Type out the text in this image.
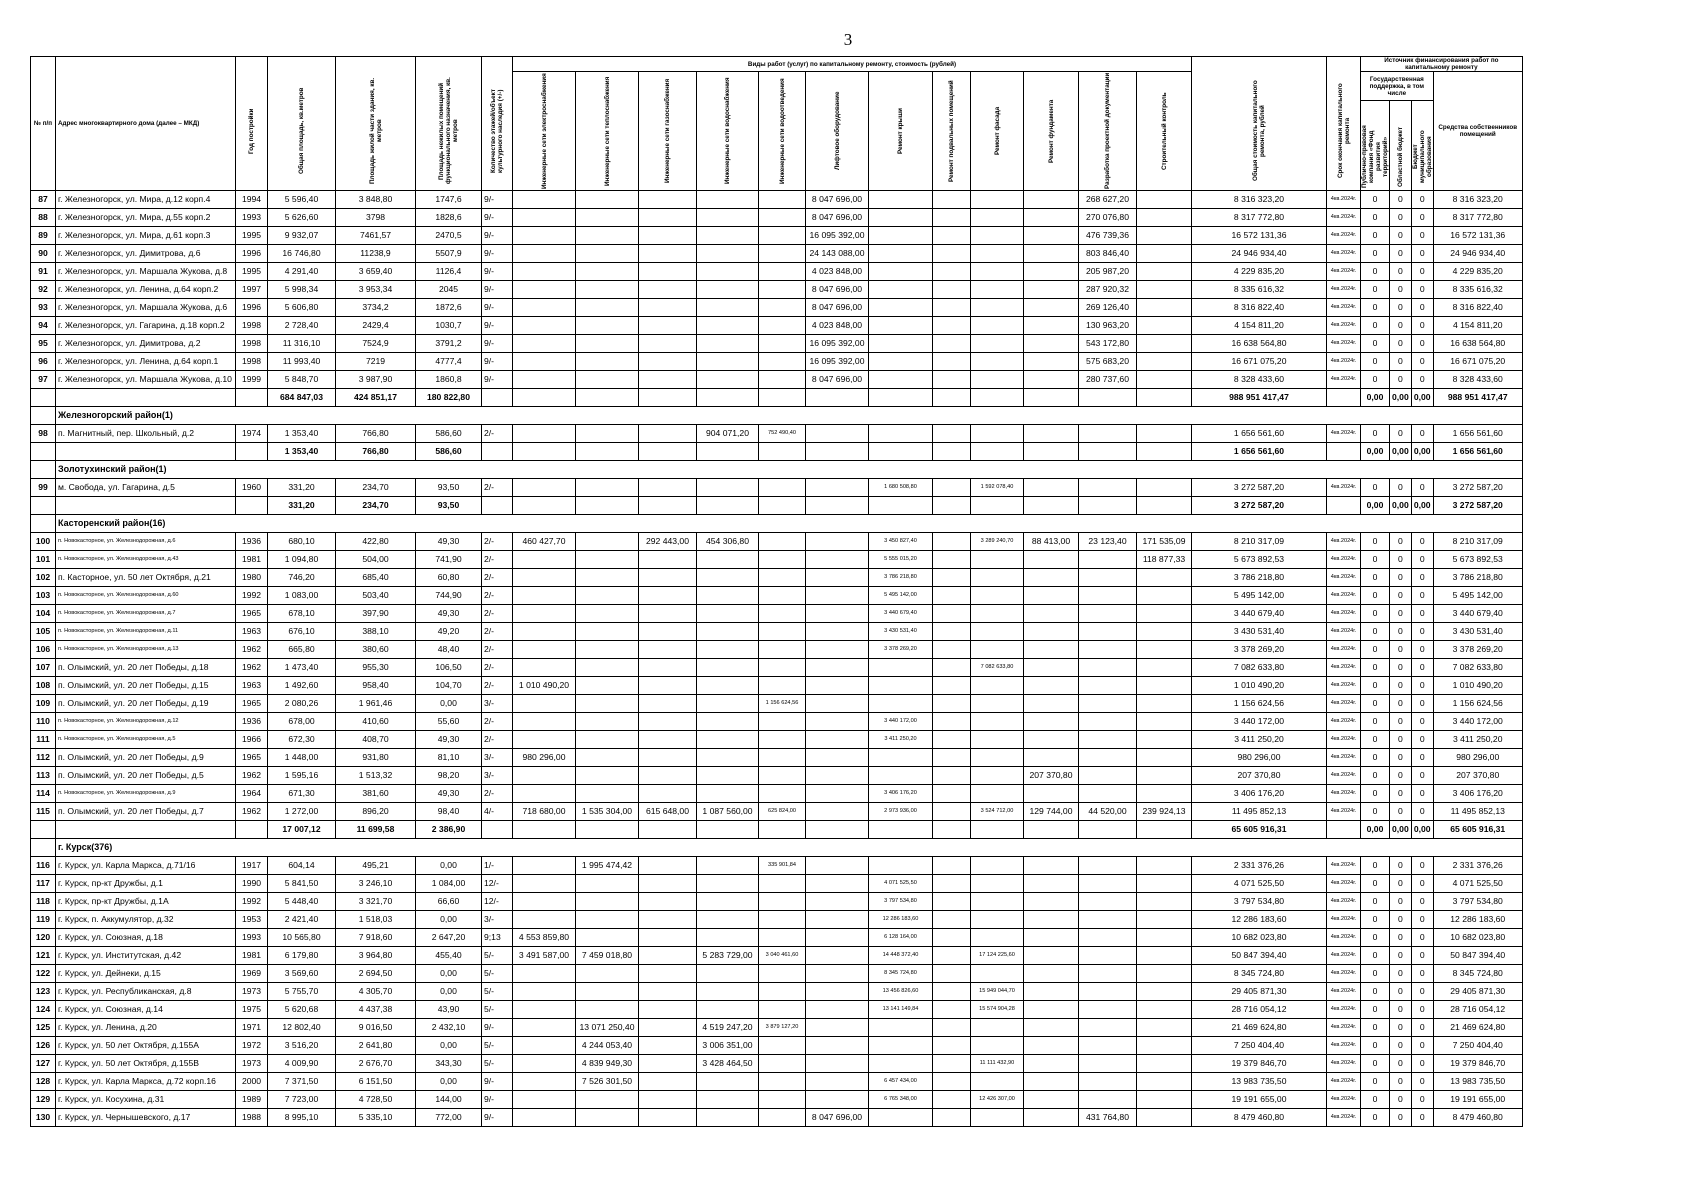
3
№ п/п	Адрес многоквартирного дома (далее – МКД)	Год постройки	Общая площадь, кв.метров	Площадь жилой части здания, кв. метров	Площадь нежилых помещений функционального назначения, кв. метров	Количество этажей/объект культурного наследия (+/-)	Виды работ (услуг) по капитальному ремонту, стоимость (рублей)												Общая стоимость капитального ремонта, рублей	Срок окончания капитального ремонта	Источник финансирования работ по капитальному ремонту			

							Инженерные сети электроснабжения	Инженерные сети теплоснабжения	Инженерные сети газоснабжения	Инженерные сети водоснабжения	Инженерные сети водоотведения	Лифтовое оборудование	Ремонт крыши	Ремонт подвальных помещений	Ремонт фасада	Ремонт фундамента	Разработка проектной документации	Строительный контроль			Государственная поддержка, в том числе			Средства собственников помещений

																					Публично-правовая компания «Фонд развития территорий»	Областной бюджет	Бюджет муниципального образования	

87	г. Железногорск, ул. Мира, д.12 корп.4	1994	5 596,40	3 848,80	1747,6	9/-						8 047 696,00					268 627,20		8 316 323,20	4кв.2024г.	0	0	0	8 316 323,20
88	г. Железногорск, ул. Мира, д.55 корп.2	1993	5 626,60	3798	1828,6	9/-						8 047 696,00					270 076,80		8 317 772,80	4кв.2024г.	0	0	0	8 317 772,80
89	г. Железногорск, ул. Мира, д.61 корп.3	1995	9 932,07	7461,57	2470,5	9/-						16 095 392,00					476 739,36		16 572 131,36	4кв.2024г.	0	0	0	16 572 131,36
90	г. Железногорск, ул. Димитрова, д.6	1996	16 746,80	11238,9	5507,9	9/-						24 143 088,00					803 846,40		24 946 934,40	4кв.2024г.	0	0	0	24 946 934,40
91	г. Железногорск, ул. Маршала Жукова, д.8	1995	4 291,40	3 659,40	1126,4	9/-						4 023 848,00					205 987,20		4 229 835,20	4кв.2024г.	0	0	0	4 229 835,20
92	г. Железногорск, ул. Ленина, д.64 корп.2	1997	5 998,34	3 953,34	2045	9/-						8 047 696,00					287 920,32		8 335 616,32	4кв.2024г.	0	0	0	8 335 616,32
93	г. Железногорск, ул. Маршала Жукова, д.6	1996	5 606,80	3734,2	1872,6	9/-						8 047 696,00					269 126,40		8 316 822,40	4кв.2024г.	0	0	0	8 316 822,40
94	г. Железногорск, ул. Гагарина, д.18 корп.2	1998	2 728,40	2429,4	1030,7	9/-						4 023 848,00					130 963,20		4 154 811,20	4кв.2024г.	0	0	0	4 154 811,20
95	г. Железногорск, ул. Димитрова, д.2	1998	11 316,10	7524,9	3791,2	9/-						16 095 392,00					543 172,80		16 638 564,80	4кв.2024г.	0	0	0	16 638 564,80
96	г. Железногорск, ул. Ленина, д.64 корп.1	1998	11 993,40	7219	4777,4	9/-						16 095 392,00					575 683,20		16 671 075,20	4кв.2024г.	0	0	0	16 671 075,20
97	г. Железногорск, ул. Маршала Жукова, д.10	1999	5 848,70	3 987,90	1860,8	9/-						8 047 696,00					280 737,60		8 328 433,60	4кв.2024г.	0	0	0	8 328 433,60
			684 847,03	424 851,17	180 822,80														988 951 417,47		0,00	0,00	0,00	988 951 417,47
	Железногорский район(1)																							
98	п. Магнитный, пер. Школьный, д.2	1974	1 353,40	766,80	586,60	2/-				904 071,20	752 490,40								1 656 561,60	4кв.2024г.	0	0	0	1 656 561,60
			1 353,40	766,80	586,60														1 656 561,60		0,00	0,00	0,00	1 656 561,60
	Золотухинский район(1)																							
99	м. Свобода, ул. Гагарина, д.5	1960	331,20	234,70	93,50	2/-							1 680 508,80		1 592 078,40				3 272 587,20	4кв.2024г.	0	0	0	3 272 587,20
			331,20	234,70	93,50														3 272 587,20		0,00	0,00	0,00	3 272 587,20
	Касторенский район(16)																							
100	п. Новокасторное, ул. Железнодорожная, д.6	1936	680,10	422,80	49,30	2/-	460 427,70		292 443,00	454 306,80			3 450 827,40		3 289 240,70	88 413,00	23 123,40	171 535,09	8 210 317,09	4кв.2024г.	0	0	0	8 210 317,09
101	п. Новокасторное, ул. Железнодорожная, д.43	1981	1 094,80	504,00	741,90	2/-							5 555 015,20					118 877,33	5 673 892,53	4кв.2024г.	0	0	0	5 673 892,53
102	п. Касторное, ул. 50 лет Октября, д.21	1980	746,20	685,40	60,80	2/-							3 786 218,80						3 786 218,80	4кв.2024г.	0	0	0	3 786 218,80
103	п. Новокасторное, ул. Железнодорожная, д.60	1992	1 083,00	503,40	744,90	2/-							5 495 142,00						5 495 142,00	4кв.2024г.	0	0	0	5 495 142,00
104	п. Новокасторное, ул. Железнодорожная, д.7	1965	678,10	397,90	49,30	2/-							3 440 679,40						3 440 679,40	4кв.2024г.	0	0	0	3 440 679,40
105	п. Новокасторное, ул. Железнодорожная, д.11	1963	676,10	388,10	49,20	2/-							3 430 531,40						3 430 531,40	4кв.2024г.	0	0	0	3 430 531,40
106	п. Новокасторное, ул. Железнодорожная, д.13	1962	665,80	380,60	48,40	2/-							3 378 269,20						3 378 269,20	4кв.2024г.	0	0	0	3 378 269,20
107	п. Олымский, ул. 20 лет Победы, д.18	1962	1 473,40	955,30	106,50	2/-									7 082 633,80				7 082 633,80	4кв.2024г.	0	0	0	7 082 633,80
108	п. Олымский, ул. 20 лет Победы, д.15	1963	1 492,60	958,40	104,70	2/-	1 010 490,20												1 010 490,20	4кв.2024г.	0	0	0	1 010 490,20
109	п. Олымский, ул. 20 лет Победы, д.19	1965	2 080,26	1 961,46	0,00	3/-					1 156 624,56								1 156 624,56	4кв.2024г.	0	0	0	1 156 624,56
110	п. Новокасторное, ул. Железнодорожная, д.12	1936	678,00	410,60	55,60	2/-							3 440 172,00						3 440 172,00	4кв.2024г.	0	0	0	3 440 172,00
111	п. Новокасторное, ул. Железнодорожная, д.5	1966	672,30	408,70	49,30	2/-							3 411 250,20						3 411 250,20	4кв.2024г.	0	0	0	3 411 250,20
112	п. Олымский, ул. 20 лет Победы, д.9	1965	1 448,00	931,80	81,10	3/-	980 296,00												980 296,00	4кв.2024г.	0	0	0	980 296,00
113	п. Олымский, ул. 20 лет Победы, д.5	1962	1 595,16	1 513,32	98,20	3/-										207 370,80			207 370,80	4кв.2024г.	0	0	0	207 370,80
114	п. Новокасторное, ул. Железнодорожная, д.9	1964	671,30	381,60	49,30	2/-							3 406 176,20						3 406 176,20	4кв.2024г.	0	0	0	3 406 176,20
115	п. Олымский, ул. 20 лет Победы, д.7	1962	1 272,00	896,20	98,40	4/-	718 680,00	1 535 304,00	615 648,00	1 087 560,00	625 824,00		2 973 936,00		3 524 712,00	129 744,00	44 520,00	239 924,13	11 495 852,13	4кв.2024г.	0	0	0	11 495 852,13
			17 007,12	11 699,58	2 386,90														65 605 916,31		0,00	0,00	0,00	65 605 916,31
	г. Курск(376)																							
116	г. Курск, ул. Карла Маркса, д.71/16	1917	604,14	495,21	0,00	1/-		1 995 474,42			335 901,84								2 331 376,26	4кв.2024г.	0	0	0	2 331 376,26
117	г. Курск, пр-кт Дружбы, д.1	1990	5 841,50	3 246,10	1 084,00	12/-							4 071 525,50						4 071 525,50	4кв.2024г.	0	0	0	4 071 525,50
118	г. Курск, пр-кт Дружбы, д.1А	1992	5 448,40	3 321,70	66,60	12/-							3 797 534,80						3 797 534,80	4кв.2024г.	0	0	0	3 797 534,80
119	г. Курск, п. Аккумулятор, д.32	1953	2 421,40	1 518,03	0,00	3/-							12 286 183,60						12 286 183,60	4кв.2024г.	0	0	0	12 286 183,60
120	г. Курск, ул. Союзная, д.18	1993	10 565,80	7 918,60	2 647,20	9;13	4 553 859,80						6 128 164,00						10 682 023,80	4кв.2024г.	0	0	0	10 682 023,80
121	г. Курск, ул. Институтская, д.42	1981	6 179,80	3 964,80	455,40	5/-	3 491 587,00	7 459 018,80		5 283 729,00	3 040 461,60		14 448 372,40		17 124 225,60				50 847 394,40	4кв.2024г.	0	0	0	50 847 394,40
122	г. Курск, ул. Дейнеки, д.15	1969	3 569,60	2 694,50	0,00	5/-							8 345 724,80						8 345 724,80	4кв.2024г.	0	0	0	8 345 724,80
123	г. Курск, ул. Республиканская, д.8	1973	5 755,70	4 305,70	0,00	5/-							13 456 826,60		15 949 044,70				29 405 871,30	4кв.2024г.	0	0	0	29 405 871,30
124	г. Курск, ул. Союзная, д.14	1975	5 620,68	4 437,38	43,90	5/-							13 141 149,84		15 574 904,28				28 716 054,12	4кв.2024г.	0	0	0	28 716 054,12
125	г. Курск, ул. Ленина, д.20	1971	12 802,40	9 016,50	2 432,10	9/-		13 071 250,40		4 519 247,20	3 879 127,20								21 469 624,80	4кв.2024г.	0	0	0	21 469 624,80
126	г. Курск, ул. 50 лет Октября, д.155А	1972	3 516,20	2 641,80	0,00	5/-		4 244 053,40		3 006 351,00									7 250 404,40	4кв.2024г.	0	0	0	7 250 404,40
127	г. Курск, ул. 50 лет Октября, д.155В	1973	4 009,90	2 676,70	343,30	5/-		4 839 949,30		3 428 464,50					11 111 432,90				19 379 846,70	4кв.2024г.	0	0	0	19 379 846,70
128	г. Курск, ул. Карла Маркса, д.72 корп.16	2000	7 371,50	6 151,50	0,00	9/-		7 526 301,50					6 457 434,00						13 983 735,50	4кв.2024г.	0	0	0	13 983 735,50
129	г. Курск, ул. Косухина, д.31	1989	7 723,00	4 728,50	144,00	9/-							6 765 348,00		12 426 307,00				19 191 655,00	4кв.2024г.	0	0	0	19 191 655,00
130	г. Курск, ул. Чернышевского, д.17	1988	8 995,10	5 335,10	772,00	9/-						8 047 696,00					431 764,80		8 479 460,80	4кв.2024г.	0	0	0	8 479 460,80
